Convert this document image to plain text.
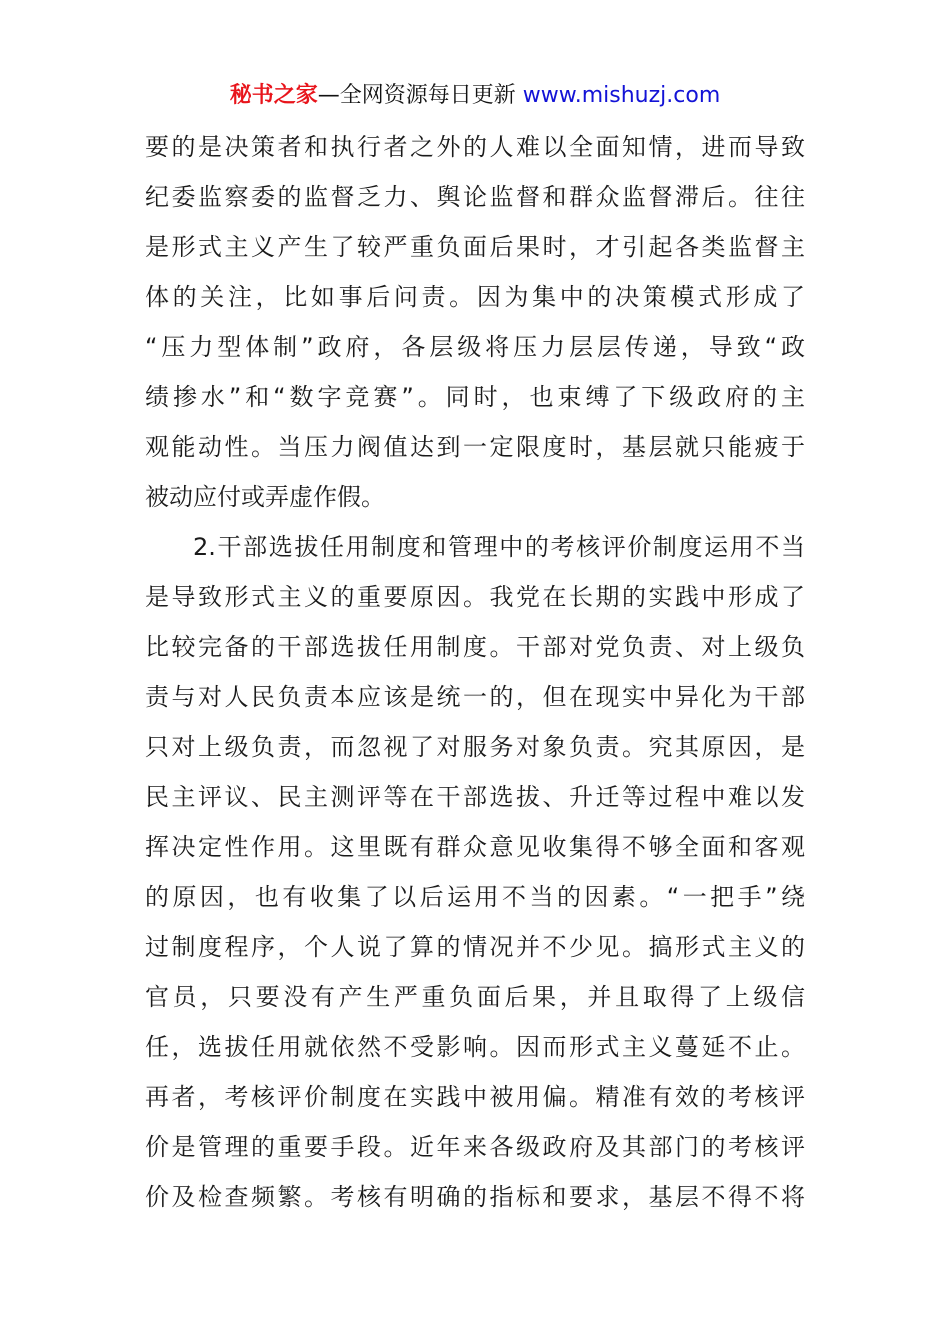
秘书之家—全网资源每日更新 www.mishuzj.com
要的是决策者和执行者之外的人难以全面知情，进而导致
纪委监察委的监督乏力、舆论监督和群众监督滞后。往往
是形式主义产生了较严重负面后果时，才引起各类监督主
体的关注，比如事后问责。因为集中的决策模式形成了
“压力型体制”政府，各层级将压力层层传递，导致“政
绩掺水”和“数字竞赛”。同时，也束缚了下级政府的主
观能动性。当压力阀值达到一定限度时，基层就只能疲于
被动应付或弄虚作假。
2.干部选拔任用制度和管理中的考核评价制度运用不当
是导致形式主义的重要原因。我党在长期的实践中形成了
比较完备的干部选拔任用制度。干部对党负责、对上级负
责与对人民负责本应该是统一的，但在现实中异化为干部
只对上级负责，而忽视了对服务对象负责。究其原因，是
民主评议、民主测评等在干部选拔、升迁等过程中难以发
挥决定性作用。这里既有群众意见收集得不够全面和客观
的原因，也有收集了以后运用不当的因素。“一把手”绕
过制度程序，个人说了算的情况并不少见。搞形式主义的
官员，只要没有产生严重负面后果，并且取得了上级信
任，选拔任用就依然不受影响。因而形式主义蔓延不止。
再者，考核评价制度在实践中被用偏。精准有效的考核评
价是管理的重要手段。近年来各级政府及其部门的考核评
价及检查频繁。考核有明确的指标和要求，基层不得不将
